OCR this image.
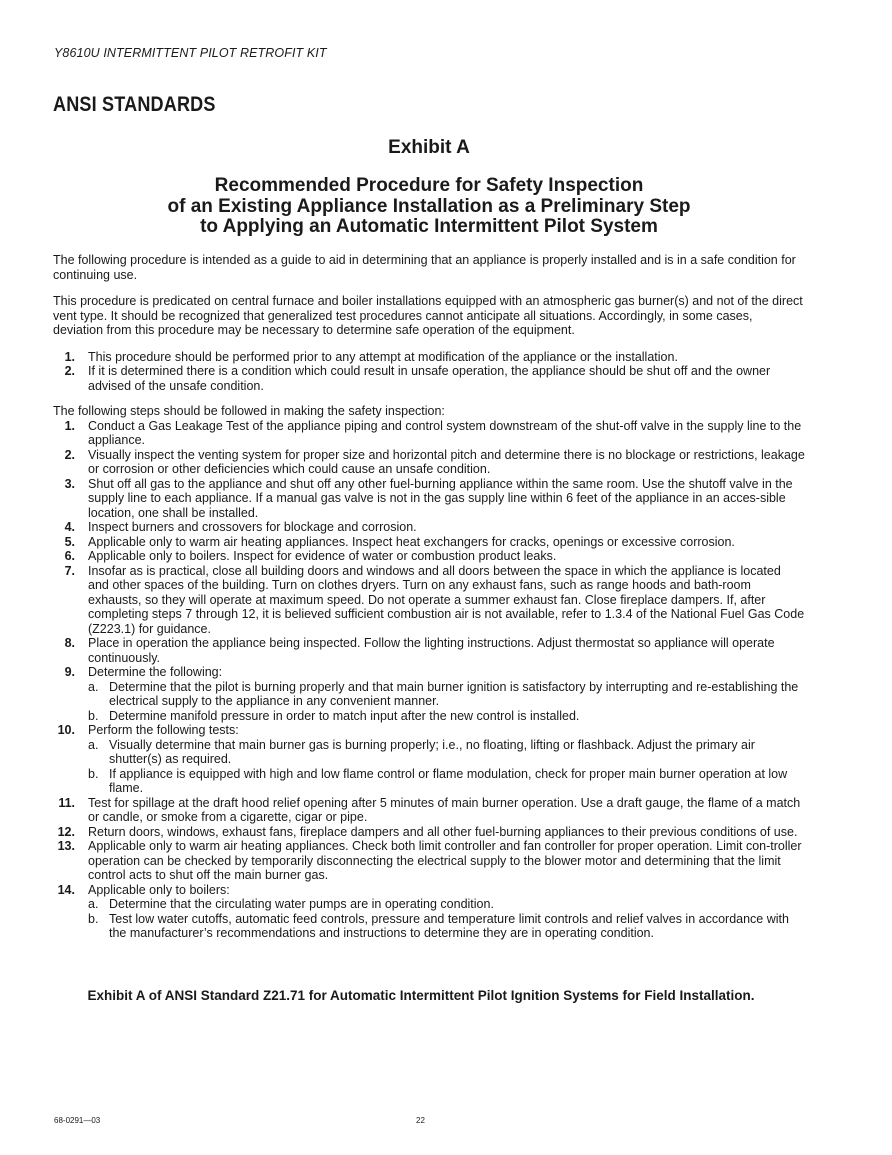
Y8610U INTERMITTENT PILOT RETROFIT KIT
ANSI STANDARDS
Exhibit A
Recommended Procedure for Safety Inspection
of an Existing Appliance Installation as a Preliminary Step
to Applying an Automatic Intermittent Pilot System

The following procedure is intended as a guide to aid in determining that an appliance is properly installed and is in a safe condition for continuing use.

This procedure is predicated on central furnace and boiler installations equipped with an atmospheric gas burner(s) and not of the direct vent type. It should be recognized that generalized test procedures cannot anticipate all situations. Accordingly, in some cases, deviation from this procedure may be necessary to determine safe operation of the equipment.

1. This procedure should be performed prior to any attempt at modification of the appliance or the installation.
2. If it is determined there is a condition which could result in unsafe operation, the appliance should be shut off and the owner advised of the unsafe condition.
The following steps should be followed in making the safety inspection:
1. Conduct a Gas Leakage Test of the appliance piping and control system downstream of the shut-off valve in the supply line to the appliance.
2. Visually inspect the venting system for proper size and horizontal pitch and determine there is no blockage or restrictions, leakage or corrosion or other deficiencies which could cause an unsafe condition.
3. Shut off all gas to the appliance and shut off any other fuel-burning appliance within the same room. Use the shutoff valve in the supply line to each appliance. If a manual gas valve is not in the gas supply line within 6 feet of the appliance in an acces-sible location, one shall be installed.
4. Inspect burners and crossovers for blockage and corrosion.
5. Applicable only to warm air heating appliances. Inspect heat exchangers for cracks, openings or excessive corrosion.
6. Applicable only to boilers. Inspect for evidence of water or combustion product leaks.
7. Insofar as is practical, close all building doors and windows and all doors between the space in which the appliance is located and other spaces of the building. Turn on clothes dryers. Turn on any exhaust fans, such as range hoods and bath-room exhausts, so they will operate at maximum speed. Do not operate a summer exhaust fan. Close fireplace dampers. If, after completing steps 7 through 12, it is believed sufficient combustion air is not available, refer to 1.3.4 of the National Fuel Gas Code (Z223.1) for guidance.
8. Place in operation the appliance being inspected. Follow the lighting instructions. Adjust thermostat so appliance will operate continuously.
9. Determine the following:
a. Determine that the pilot is burning properly and that main burner ignition is satisfactory by interrupting and re-establishing the electrical supply to the appliance in any convenient manner.
b. Determine manifold pressure in order to match input after the new control is installed.
10. Perform the following tests:
a. Visually determine that main burner gas is burning properly; i.e., no floating, lifting or flashback. Adjust the primary air shutter(s) as required.
b. If appliance is equipped with high and low flame control or flame modulation, check for proper main burner operation at low flame.
11. Test for spillage at the draft hood relief opening after 5 minutes of main burner operation. Use a draft gauge, the flame of a match or candle, or smoke from a cigarette, cigar or pipe.
12. Return doors, windows, exhaust fans, fireplace dampers and all other fuel-burning appliances to their previous conditions of use.
13. Applicable only to warm air heating appliances. Check both limit controller and fan controller for proper operation. Limit con-troller operation can be checked by temporarily disconnecting the electrical supply to the blower motor and determining that the limit control acts to shut off the main burner gas.
14. Applicable only to boilers:
a. Determine that the circulating water pumps are in operating condition.
b. Test low water cutoffs, automatic feed controls, pressure and temperature limit controls and relief valves in accordance with the manufacturer’s recommendations and instructions to determine they are in operating condition.
Exhibit A of ANSI Standard Z21.71 for Automatic Intermittent Pilot Ignition Systems for Field Installation.
68-0291—03	22
